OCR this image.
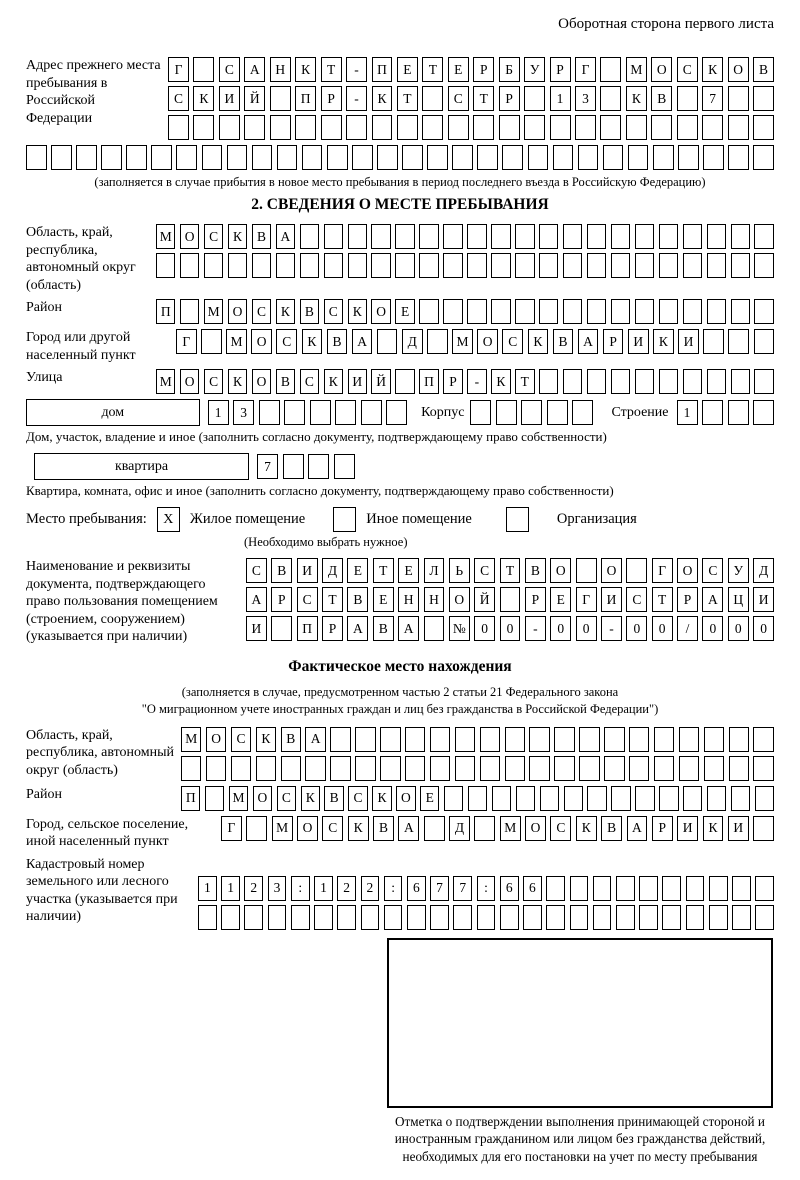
Оборотная сторона первого листа
Адрес прежнего места пребывания в Российской Федерации
Г	С	А	Н	К	Т	-	П	Е	Т	Е	Р	Б	У	Р	Г	М	О	С	К	О	В
С	К	И	Й	П	Р	-	К	Т	С	Т	Р	1	3	К	В	7
(заполняется в случае прибытия в новое место пребывания в период последнего въезда в Российскую Федерацию)
2. СВЕДЕНИЯ О МЕСТЕ ПРЕБЫВАНИЯ
Область, край, республика, автономный округ (область)
М О	С	К	В	А
Район	П	М О	С	К	В	С	К	О	Е
Город или другой населенный пункт
Г	М	О	С	К	В	А	Д	М	О	С	К	В	А	Р	И	К	И
Улица	М О	С	К	О	В	С	К	И	Й	П	Р	-	К	Т
дом	1	3	Корпус	Строение	1
Дом, участок, владение и иное (заполнить согласно документу, подтверждающему право собственности)
квартира	7
Квартира, комната, офис и иное (заполнить согласно документу, подтверждающему право собственности)
Место пребывания:	X	Жилое помещение	Иное помещение	Организация
(Необходимо выбрать нужное)
Наименование и реквизиты документа, подтверждающего право пользования помещением (строением, сооружением) (указывается при наличии)
С	В	И	Д	Е	Т	Е	Л	Ь	С	Т	В	О	О	Г	О	С	У	Д
А	Р	С	Т	В	Е	Н	Н	О	Й	Р	Е	Г	И	С	Т	Р	А	Ц	И
И	П	Р	А	В	А	№	0	0	-	0	0	-	0	0	/	0	0	0
Фактическое место нахождения
(заполняется в случае, предусмотренном частью 2 статьи 21 Федерального закона
"О миграционном учете иностранных граждан и лиц без гражданства в Российской Федерации")
Область, край, республика, автономный округ (область)
М	О	С	К	В	А
Район	П	М О	С	К	В	С	К	О	Е
Город, сельское поселение, иной населенный пункт
Г	М	О	С	К	В	А	Д	М	О	С	К	В	А	Р	И	К	И
Кадастровый номер земельного или лесного участка (указывается при наличии)
1	1	2	3	:	1	2	2	:	6	7	7	:	6	6
Отметка о подтверждении выполнения принимающей стороной и иностранным гражданином или лицом без гражданства действий, необходимых для его постановки на учет по месту пребывания
